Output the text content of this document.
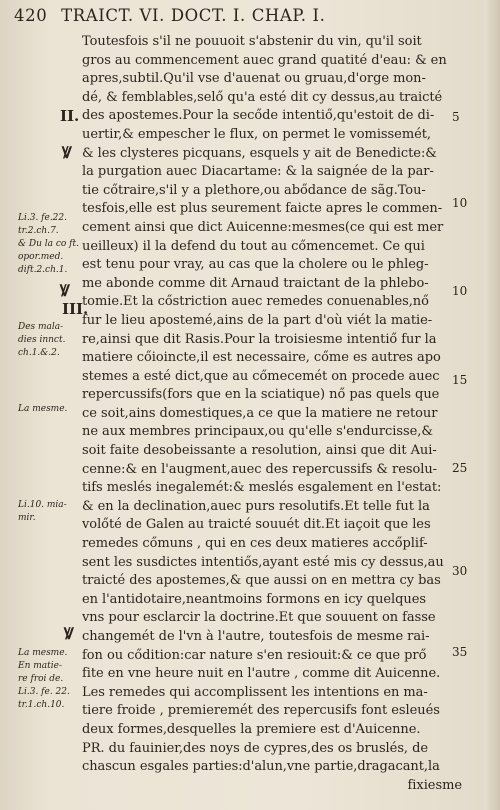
420 TRAICT. VI. DOCT. I. CHAP. I.
Toutesfois s'il ne pouuoit s'abstenir du vin, qu'il soit
gros au commencement auec grand quatité d'eau: & en
apres,subtil.Qu'il vse d'auenat ou gruau,d'orge mon-
dé, & femblables,selő qu'a esté dit cy dessus,au traicté
des apostemes.Pour la secőde intentiő,qu'estoit de di-
uertir,& empescher le flux, on permet le vomissemét,
& les clysteres picquans, esquels y ait de Benedicte:&
la purgation auec Diacartame: & la saignée de la par-
tie cőtraire,s'il y a plethore,ou abődance de sãg.Tou-
tesfois,elle est plus seurement faicte apres le commen-
cement ainsi que dict Auicenne:mesmes(ce qui est mer
ueilleux) il la defend du tout au cőmencemet. Ce qui
est tenu pour vray, au cas que la cholere ou le phleg-
me abonde comme dit Arnaud traictant de la phlebo-
tomie.Et la cőstriction auec remedes conuenables,nő
fur le lieu apostemé,ains de la part d'où viét la matie-
re,ainsi que dit Rasis.Pour la troisiesme intentiő fur la
matiere cőioincte,il est necessaire, cőme es autres apo
stemes a esté dict,que au cőmecemét on procede auec
repercussifs(fors que en la sciatique) nő pas quels que
ce soit,ains domestiques,a ce que la matiere ne retour
ne aux membres principaux,ou qu'elle s'endurcisse,&
soit faite desobeissante a resolution, ainsi que dit Aui-
cenne:& en l'augment,auec des repercussifs & resolu-
tifs meslés inegalemét:& meslés esgalement en l'estat:
& en la declination,auec purs resolutifs.Et telle fut la
volőté de Galen au traicté souuét dit.Et iaçoit que les
remedes cőmuns , qui en ces deux matieres accőplif-
sent les susdictes intentiős,ayant esté mis cy dessus,au
traicté des apostemes,& que aussi on en mettra cy bas
en l'antidotaire,neantmoins formons en icy quelques
vns pour esclarcir la doctrine.Et que souuent on fasse
changemét de l'vn à l'autre, toutesfois de mesme rai-
fon ou cődition:car nature s'en resiouit:& ce que prő
fite en vne heure nuit en l'autre , comme dit Auicenne.
Les remedes qui accomplissent les intentions en ma-
tiere froide , premieremét des repercusifs font esleués
deux formes,desquelles la premiere est d'Auicenne.
PR. du fauinier,des noys de cypres,des os bruslés, de
chascun esgales parties:d'alun,vne partie,dragacant,la
fixiesme
II.
III.
Ꝟ
Ꝟ
Ꝟ
5
10
10
15
25
30
35
Li.3. fe.22.
tr.2.ch.7.
& Du la co ft.
opor.med.
dift.2.ch.1.
Des mala-
dies innct.
ch.1.&.2.
La mesme.
Li.10. mia-
mir.
La mesme.
En matie-
re froi de.
Li.3. fe. 22.
tr.1.ch.10.
